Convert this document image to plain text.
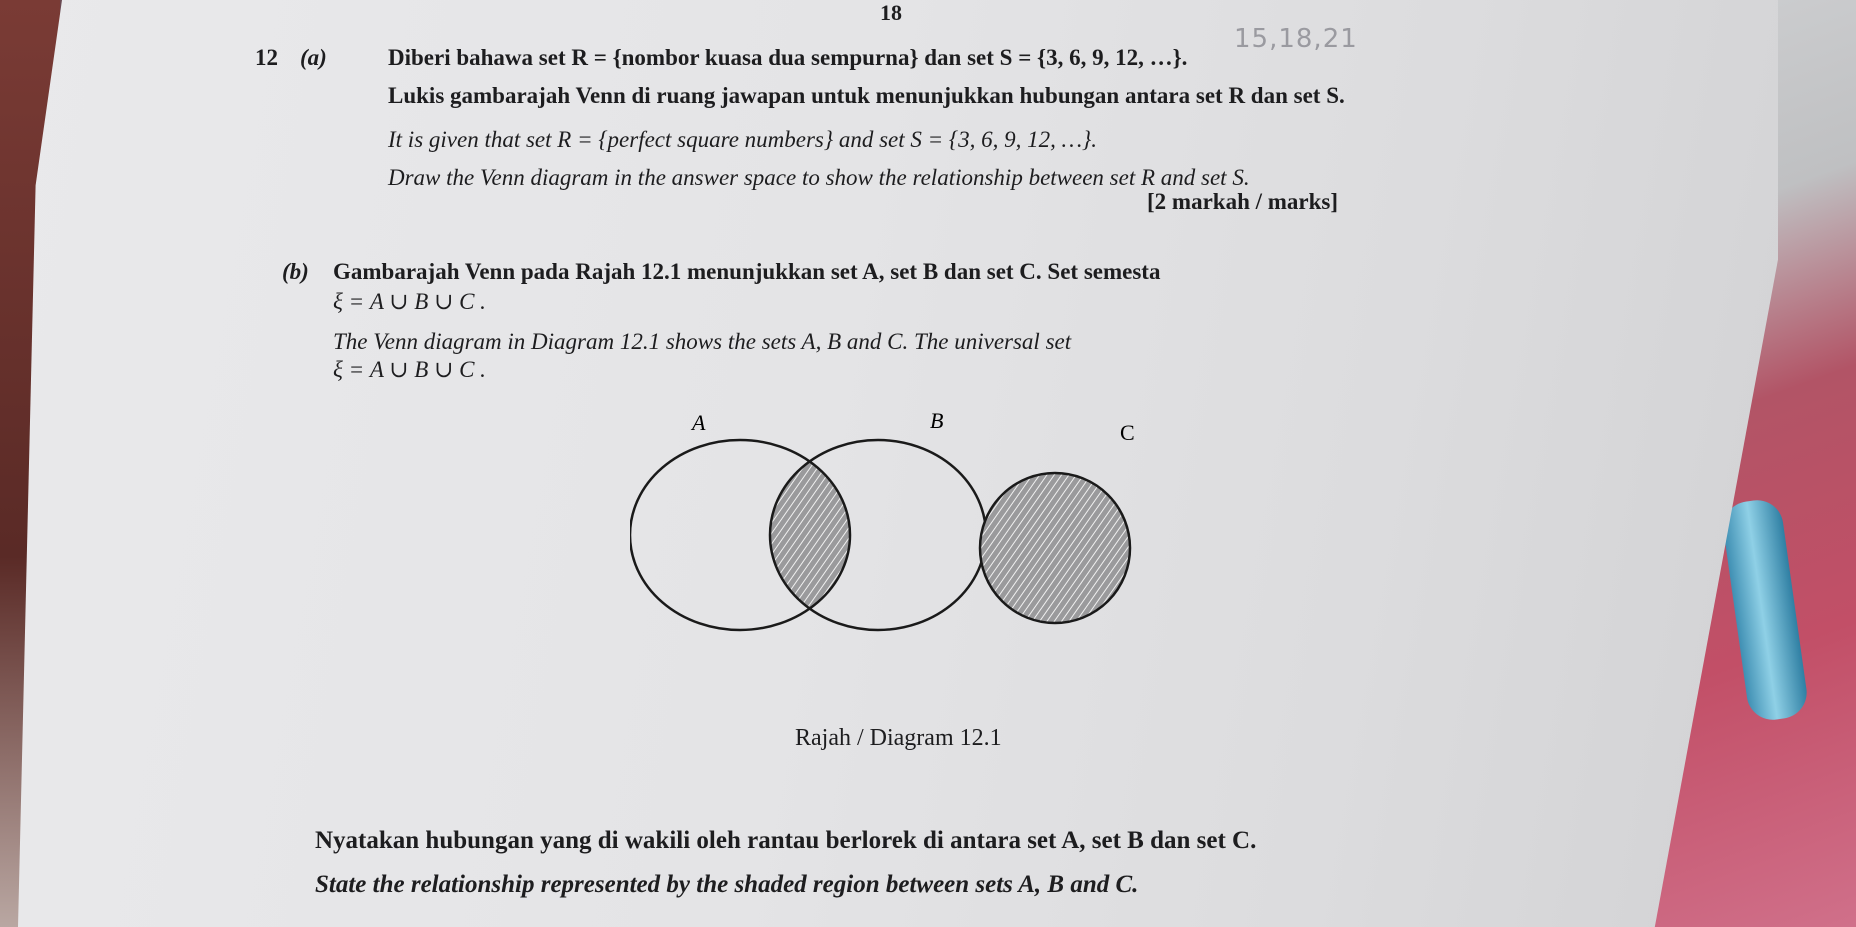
18
15,18,21
12 (a)	Diberi bahawa set R = {nombor kuasa dua sempurna} dan set S = {3, 6, 9, 12, …}.
Lukis gambarajah Venn di ruang jawapan untuk menunjukkan hubungan antara set R dan set S.
It is given that set R = {perfect square numbers} and set S = {3, 6, 9, 12, …}.
Draw the Venn diagram in the answer space to show the relationship between set R and set S.
[2 markah / marks]
(b) Gambarajah Venn pada Rajah 12.1 menunjukkan set A, set B dan set C. Set semesta
ξ = A ∪ B ∪ C .
The Venn diagram in Diagram 12.1 shows the sets A, B and C. The universal set
ξ = A ∪ B ∪ C .
A	B	C
Rajah / Diagram 12.1
Nyatakan hubungan yang di wakili oleh rantau berlorek di antara set A, set B dan set C.
State the relationship represented by the shaded region between sets A, B and C.
